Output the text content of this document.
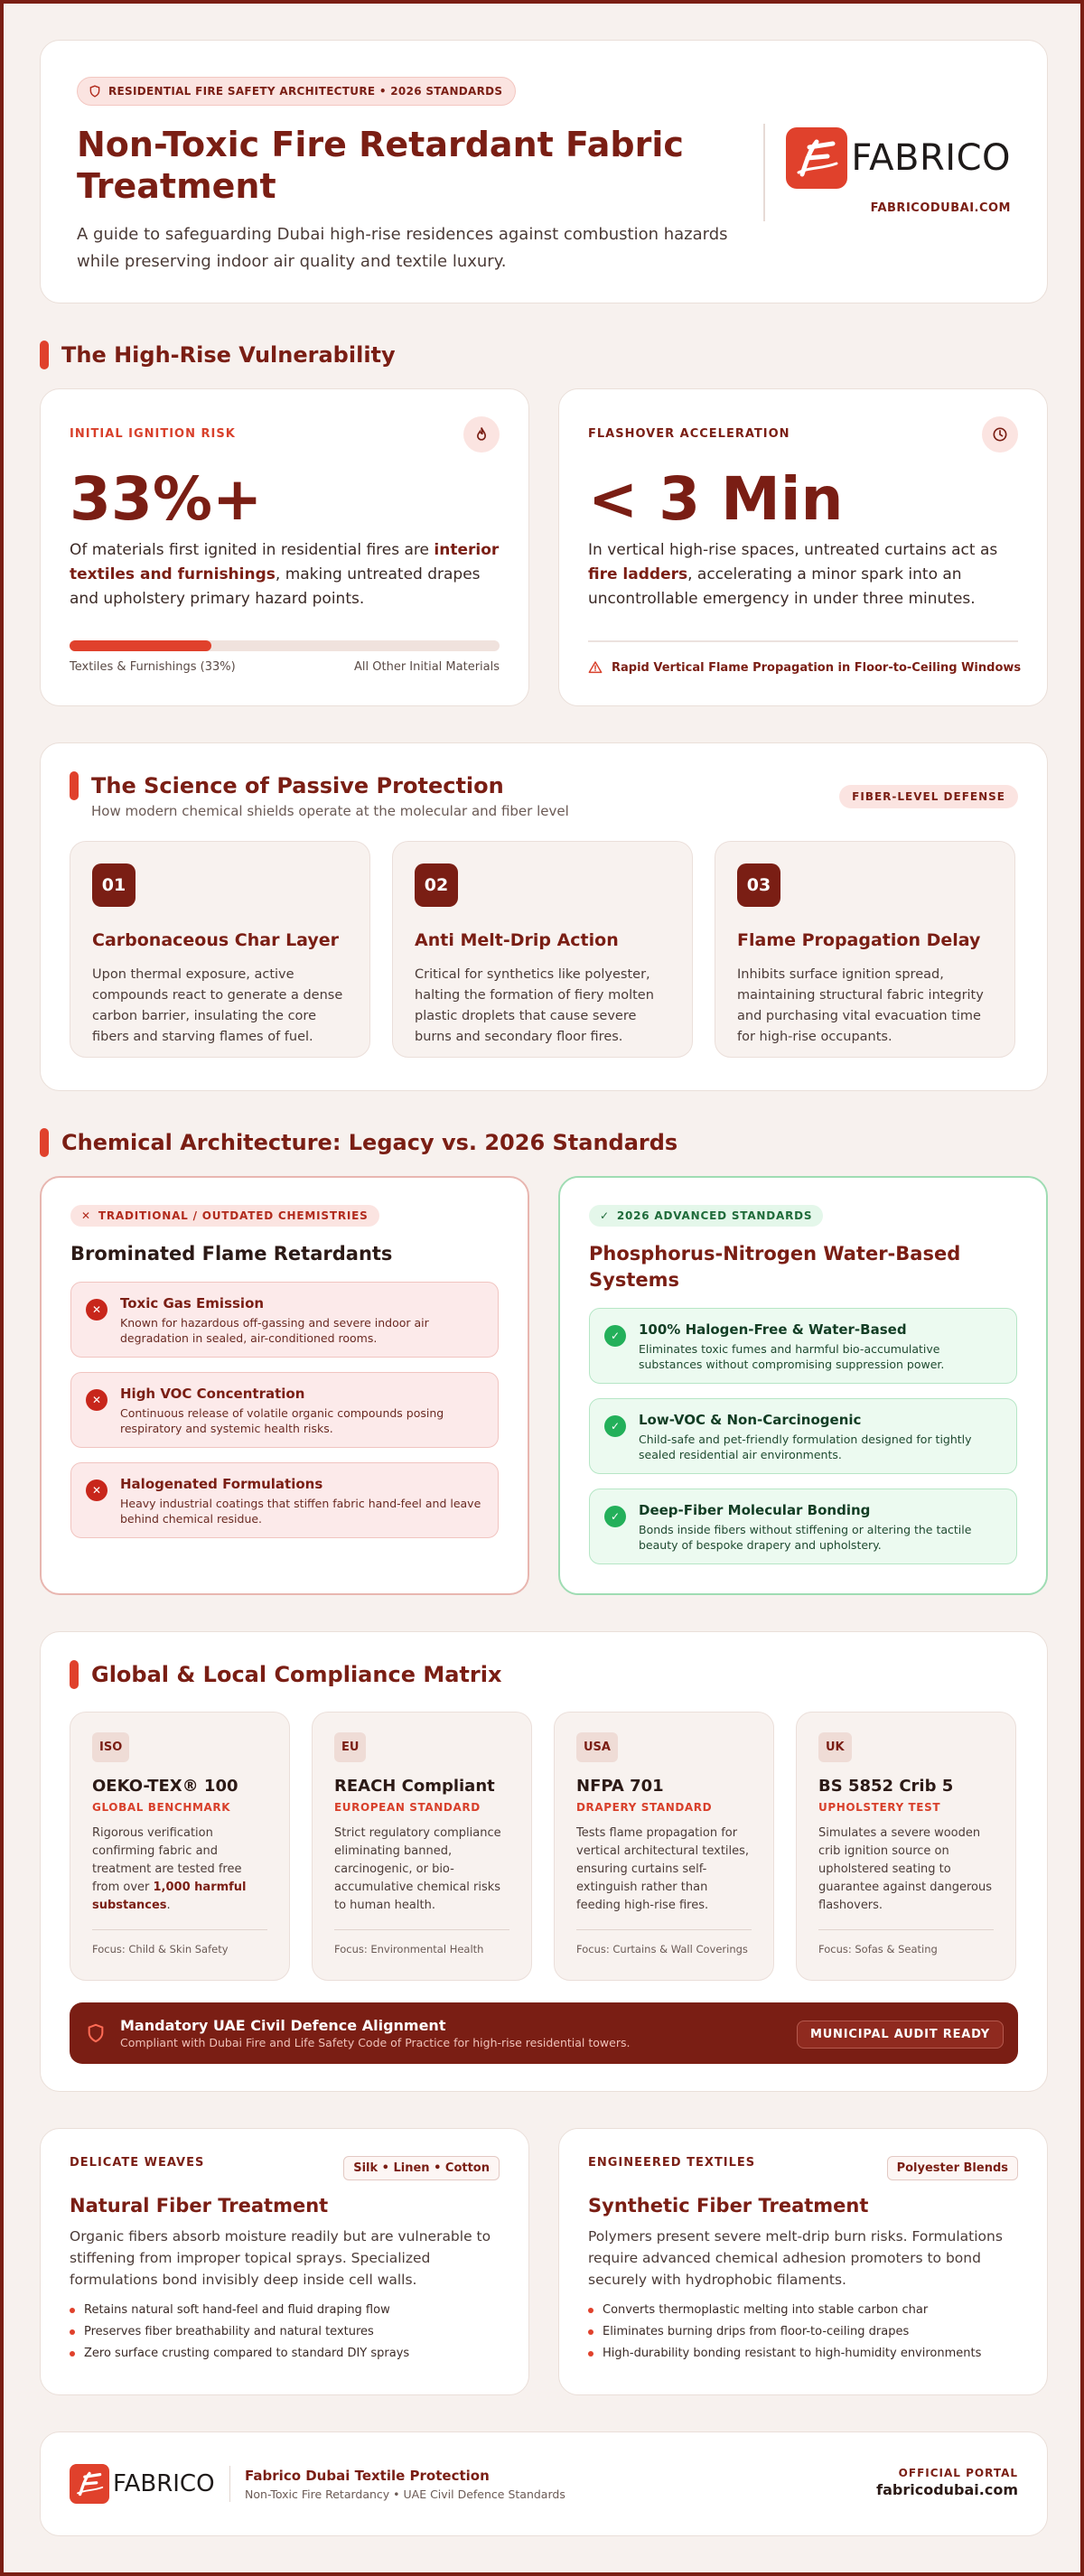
RESIDENTIAL FIRE SAFETY ARCHITECTURE • 2026 STANDARDS
Non-Toxic Fire Retardant Fabric Treatment

A guide to safeguarding Dubai high-rise residences against combustion hazards while preserving indoor air quality and textile luxury.

FABRICO
FABRICODUBAI.COM
The High-Rise Vulnerability
INITIAL IGNITION RISK
33%+

Of materials first ignited in residential fires are interior textiles and furnishings, making untreated drapes and upholstery primary hazard points.

Textiles & Furnishings (33%)	All Other Initial Materials
FLASHOVER ACCELERATION
< 3 Min

In vertical high-rise spaces, untreated curtains act as fire ladders, accelerating a minor spark into an uncontrollable emergency in under three minutes.

Rapid Vertical Flame Propagation in Floor-to-Ceiling Windows
The Science of Passive Protection
How modern chemical shields operate at the molecular and fiber level
FIBER-LEVEL DEFENSE
01
Carbonaceous Char Layer

Upon thermal exposure, active compounds react to generate a dense carbon barrier, insulating the core fibers and starving flames of fuel.

02
Anti Melt-Drip Action

Critical for synthetics like polyester, halting the formation of fiery molten plastic droplets that cause severe burns and secondary floor fires.

03
Flame Propagation Delay

Inhibits surface ignition spread, maintaining structural fabric integrity and purchasing vital evacuation time for high-rise occupants.

Chemical Architecture: Legacy vs. 2026 Standards
✕ TRADITIONAL / OUTDATED CHEMISTRIES
Brominated Flame Retardants
✕	Toxic Gas Emission

Known for hazardous off-gassing and severe indoor air degradation in sealed, air-conditioned rooms.

✕	High VOC Concentration

Continuous release of volatile organic compounds posing respiratory and systemic health risks.

✕	Halogenated Formulations

Heavy industrial coatings that stiffen fabric hand-feel and leave behind chemical residue.

✓ 2026 ADVANCED STANDARDS
Phosphorus-Nitrogen Water-Based Systems
✓	100% Halogen-Free & Water-Based

Eliminates toxic fumes and harmful bio-accumulative substances without compromising suppression power.

✓	Low-VOC & Non-Carcinogenic

Child-safe and pet-friendly formulation designed for tightly sealed residential air environments.

✓	Deep-Fiber Molecular Bonding

Bonds inside fibers without stiffening or altering the tactile beauty of bespoke drapery and upholstery.

Global & Local Compliance Matrix
ISO
OEKO-TEX® 100
GLOBAL BENCHMARK

Rigorous verification confirming fabric and treatment are tested free from over 1,000 harmful substances.

Focus: Child & Skin Safety
EU
REACH Compliant
EUROPEAN STANDARD

Strict regulatory compliance eliminating banned, carcinogenic, or bio-accumulative chemical risks to human health.

Focus: Environmental Health
USA
NFPA 701
DRAPERY STANDARD

Tests flame propagation for vertical architectural textiles, ensuring curtains self-extinguish rather than feeding high-rise fires.

Focus: Curtains & Wall Coverings
UK
BS 5852 Crib 5
UPHOLSTERY TEST

Simulates a severe wooden crib ignition source on upholstered seating to guarantee against dangerous flashovers.

Focus: Sofas & Seating
Mandatory UAE Civil Defence Alignment

Compliant with Dubai Fire and Life Safety Code of Practice for high-rise residential towers.

MUNICIPAL AUDIT READY
DELICATE WEAVES	Silk • Linen • Cotton
Natural Fiber Treatment

Organic fibers absorb moisture readily but are vulnerable to stiffening from improper topical sprays. Specialized formulations bond invisibly deep inside cell walls.

Retains natural soft hand-feel and fluid draping flow
Preserves fiber breathability and natural textures
Zero surface crusting compared to standard DIY sprays
ENGINEERED TEXTILES	Polyester Blends
Synthetic Fiber Treatment

Polymers present severe melt-drip burn risks. Formulations require advanced chemical adhesion promoters to bond securely with hydrophobic filaments.

Converts thermoplastic melting into stable carbon char
Eliminates burning drips from floor-to-ceiling drapes
High-durability bonding resistant to high-humidity environments
FABRICO Fabrico Dubai Textile Protection
Non-Toxic Fire Retardancy • UAE Civil Defence Standards
OFFICIAL PORTAL
fabricodubai.com
